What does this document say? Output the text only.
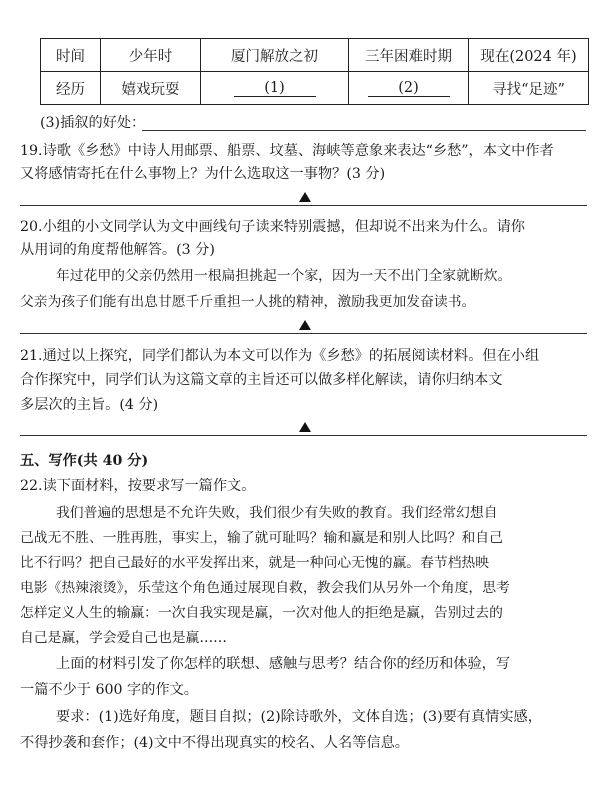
时间	少年时	厦门解放之初	三年困难时期	现在(2024 年)
经历	嬉戏玩耍	(1)	(2)	寻找“足迹”
(3)插叙的好处：
19.诗歌《乡愁》中诗人用邮票、船票、坟墓、海峡等意象来表达“乡愁”，本文中作者
又将感情寄托在什么事物上？为什么选取这一事物？(3 分)
20.小组的小文同学认为文中画线句子读来特别震撼，但却说不出来为什么。请你
从用词的角度帮他解答。(3 分)
年过花甲的父亲仍然用一根扁担挑起一个家，因为一天不出门全家就断炊。
父亲为孩子们能有出息甘愿千斤重担一人挑的精神，激励我更加发奋读书。
21.通过以上探究，同学们都认为本文可以作为《乡愁》的拓展阅读材料。但在小组
合作探究中，同学们认为这篇文章的主旨还可以做多样化解读，请你归纳本文
多层次的主旨。(4 分)
五、写作(共 40 分)
22.读下面材料，按要求写一篇作文。
我们普遍的思想是不允许失败，我们很少有失败的教育。我们经常幻想自
己战无不胜、一胜再胜，事实上，输了就可耻吗？输和赢是和别人比吗？和自己
比不行吗？把自己最好的水平发挥出来，就是一种问心无愧的赢。春节档热映
电影《热辣滚烫》，乐莹这个角色通过展现自救，教会我们从另外一个角度，思考
怎样定义人生的输赢：一次自我实现是赢，一次对他人的拒绝是赢，告别过去的
自己是赢，学会爱自己也是赢……
上面的材料引发了你怎样的联想、感触与思考？结合你的经历和体验，写
一篇不少于 600 字的作文。
要求：(1)选好角度，题目自拟；(2)除诗歌外，文体自选；(3)要有真情实感，
不得抄袭和套作；(4)文中不得出现真实的校名、人名等信息。
